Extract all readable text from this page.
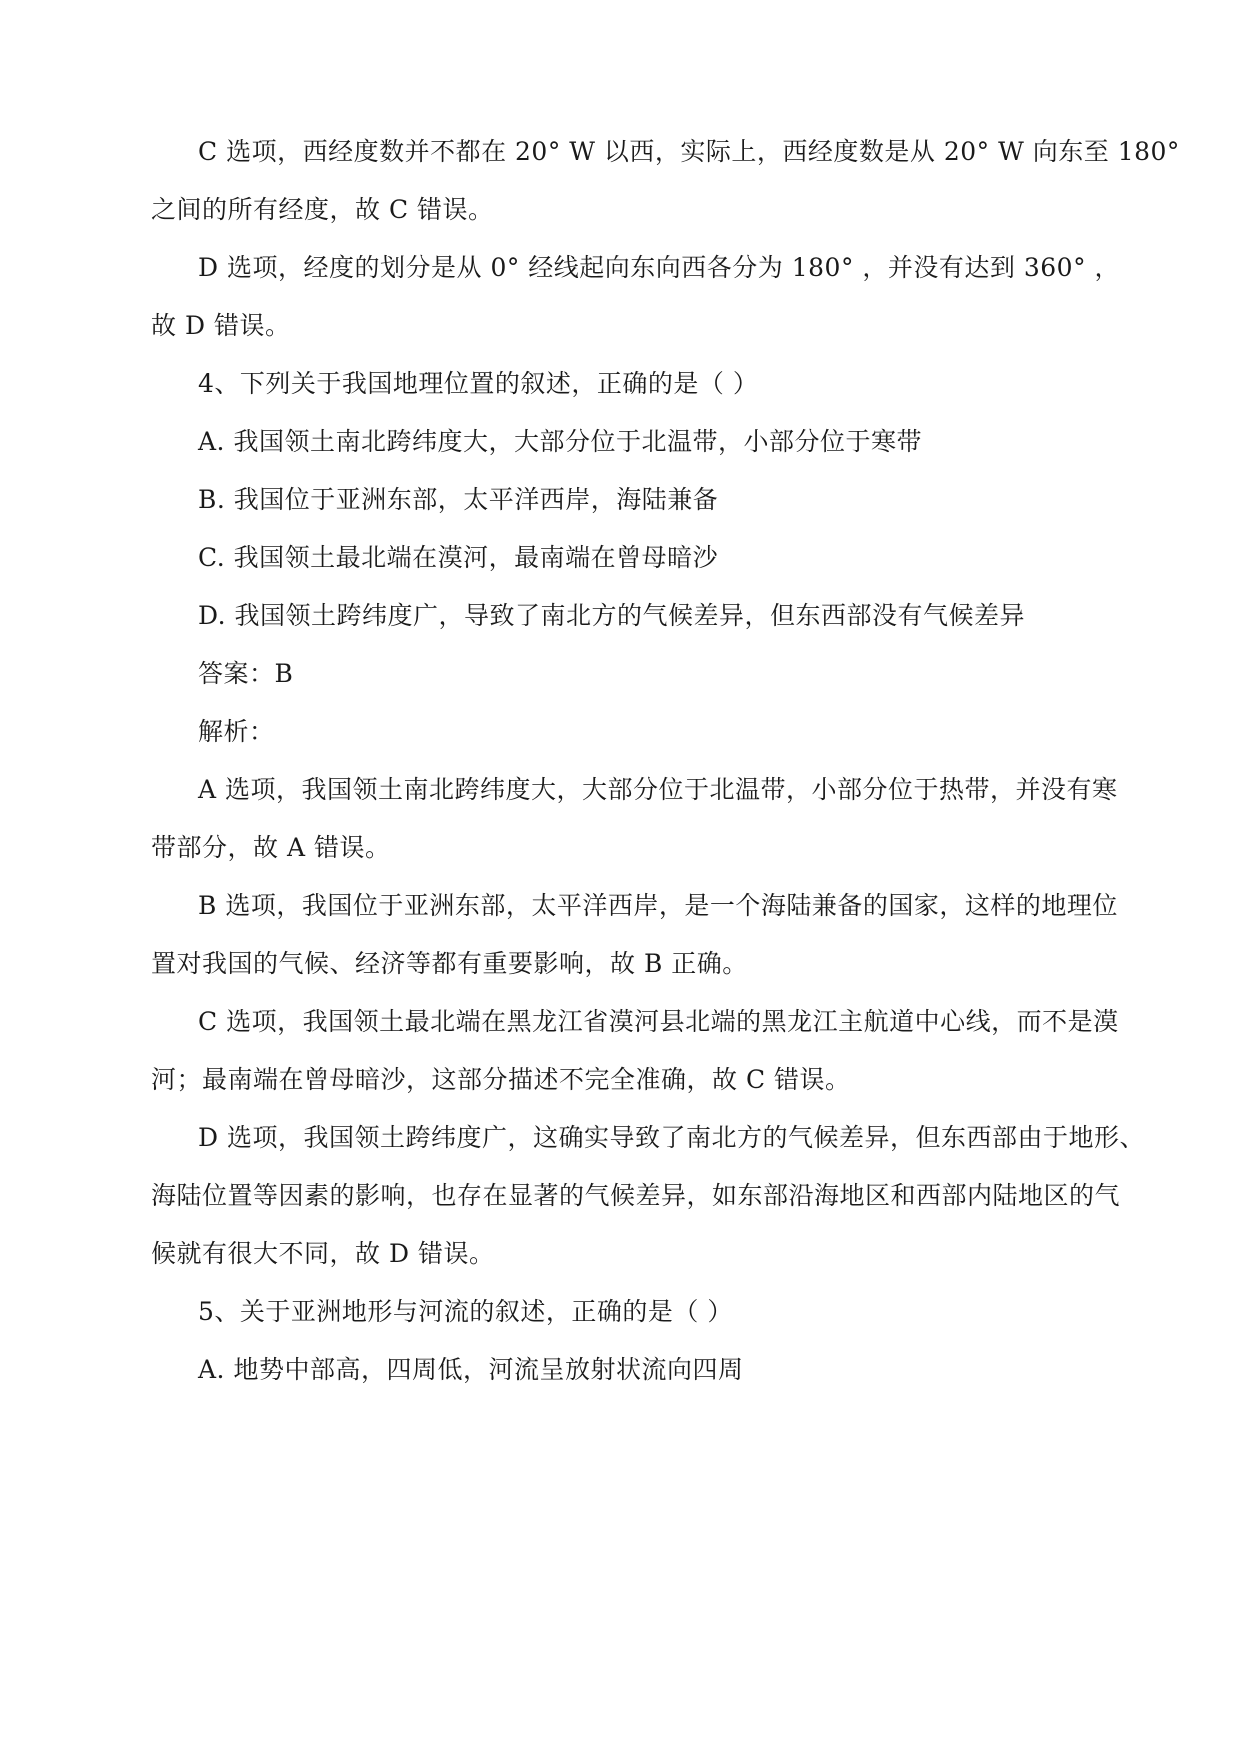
C 选项，西经度数并不都在 20° W 以西，实际上，西经度数是从 20° W 向东至 180°
之间的所有经度，故 C 错误。
D 选项，经度的划分是从 0° 经线起向东向西各分为 180° ，并没有达到 360° ，
故 D 错误。
4、下列关于我国地理位置的叙述，正确的是（ ）
A. 我国领土南北跨纬度大，大部分位于北温带，小部分位于寒带
B. 我国位于亚洲东部，太平洋西岸，海陆兼备
C. 我国领土最北端在漠河，最南端在曾母暗沙
D. 我国领土跨纬度广，导致了南北方的气候差异，但东西部没有气候差异
答案：B
解析：
A 选项，我国领土南北跨纬度大，大部分位于北温带，小部分位于热带，并没有寒
带部分，故 A 错误。
B 选项，我国位于亚洲东部，太平洋西岸，是一个海陆兼备的国家，这样的地理位
置对我国的气候、经济等都有重要影响，故 B 正确。
C 选项，我国领土最北端在黑龙江省漠河县北端的黑龙江主航道中心线，而不是漠
河；最南端在曾母暗沙，这部分描述不完全准确，故 C 错误。
D 选项，我国领土跨纬度广，这确实导致了南北方的气候差异，但东西部由于地形、
海陆位置等因素的影响，也存在显著的气候差异，如东部沿海地区和西部内陆地区的气
候就有很大不同，故 D 错误。
5、关于亚洲地形与河流的叙述，正确的是（ ）
A. 地势中部高，四周低，河流呈放射状流向四周
